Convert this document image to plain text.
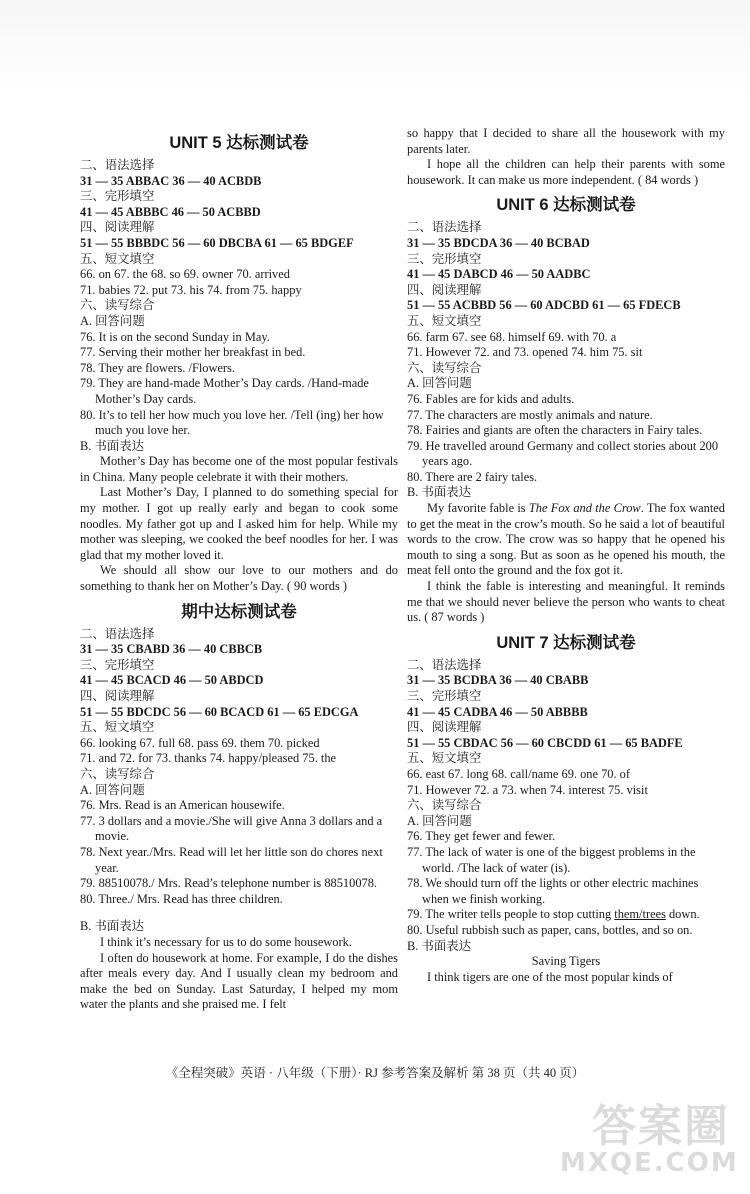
UNIT 5 达标测试卷
二、语法选择
31 — 35 ABBAC 36 — 40 ACBDB
三、完形填空
41 — 45 ABBBC 46 — 50 ACBBD
四、阅读理解
51 — 55 BBBDC 56 — 60 DBCBA 61 — 65 BDGEF
五、短文填空
66. on 67. the 68. so 69. owner 70. arrived
71. babies 72. put 73. his 74. from 75. happy
六、读写综合
A. 回答问题
76. It is on the second Sunday in May.
77. Serving their mother her breakfast in bed.
78. They are flowers. /Flowers.
79. They are hand-made Mother’s Day cards. /Hand-made Mother’s Day cards.
80. It’s to tell her how much you love her. /Tell (ing) her how much you love her.
B. 书面表达
Mother’s Day has become one of the most popular festivals in China. Many people celebrate it with their mothers.
Last Mother’s Day, I planned to do something special for my mother. I got up really early and began to cook some noodles. My father got up and I asked him for help. While my mother was sleeping, we cooked the beef noodles for her. I was glad that my mother loved it.
We should all show our love to our mothers and do something to thank her on Mother’s Day. ( 90 words )
期中达标测试卷
二、语法选择
31 — 35 CBABD 36 — 40 CBBCB
三、完形填空
41 — 45 BCACD 46 — 50 ABDCD
四、阅读理解
51 — 55 BDCDC 56 — 60 BCACD 61 — 65 EDCGA
五、短文填空
66. looking 67. full 68. pass 69. them 70. picked
71. and 72. for 73. thanks 74. happy/pleased 75. the
六、读写综合
A. 回答问题
76. Mrs. Read is an American housewife.
77. 3 dollars and a movie./She will give Anna 3 dollars and a movie.
78. Next year./Mrs. Read will let her little son do chores next year.
79. 88510078./ Mrs. Read’s telephone number is 88510078.
80. Three./ Mrs. Read has three children.
B. 书面表达
I think it’s necessary for us to do some housework.
I often do housework at home. For example, I do the dishes after meals every day. And I usually clean my bedroom and make the bed on Sunday. Last Saturday, I helped my mom water the plants and she praised me. I felt
so happy that I decided to share all the housework with my parents later.
I hope all the children can help their parents with some housework. It can make us more independent. ( 84 words )
UNIT 6 达标测试卷
二、语法选择
31 — 35 BDCDA 36 — 40 BCBAD
三、完形填空
41 — 45 DABCD 46 — 50 AADBC
四、阅读理解
51 — 55 ACBBD 56 — 60 ADCBD 61 — 65 FDECB
五、短文填空
66. farm 67. see 68. himself 69. with 70. a
71. However 72. and 73. opened 74. him 75. sit
六、读写综合
A. 回答问题
76. Fables are for kids and adults.
77. The characters are mostly animals and nature.
78. Fairies and giants are often the characters in Fairy tales.
79. He travelled around Germany and collect stories about 200 years ago.
80. There are 2 fairy tales.
B. 书面表达
My favorite fable is The Fox and the Crow. The fox wanted to get the meat in the crow’s mouth. So he said a lot of beautiful words to the crow. The crow was so happy that he opened his mouth to sing a song. But as soon as he opened his mouth, the meat fell onto the ground and the fox got it.
I think the fable is interesting and meaningful. It reminds me that we should never believe the person who wants to cheat us. ( 87 words )
UNIT 7 达标测试卷
二、语法选择
31 — 35 BCDBA 36 — 40 CBABB
三、完形填空
41 — 45 CADBA 46 — 50 ABBBB
四、阅读理解
51 — 55 CBDAC 56 — 60 CBCDD 61 — 65 BADFE
五、短文填空
66. east 67. long 68. call/name 69. one 70. of
71. However 72. a 73. when 74. interest 75. visit
六、读写综合
A. 回答问题
76. They get fewer and fewer.
77. The lack of water is one of the biggest problems in the world. /The lack of water (is).
78. We should turn off the lights or other electric machines when we finish working.
79. The writer tells people to stop cutting them/trees down.
80. Useful rubbish such as paper, cans, bottles, and so on.
B. 书面表达
Saving Tigers
I think tigers are one of the most popular kinds of
《全程突破》英语 · 八年级（下册）· RJ 参考答案及解析 第 38 页（共 40 页）
答案圈
MXQE.COM
